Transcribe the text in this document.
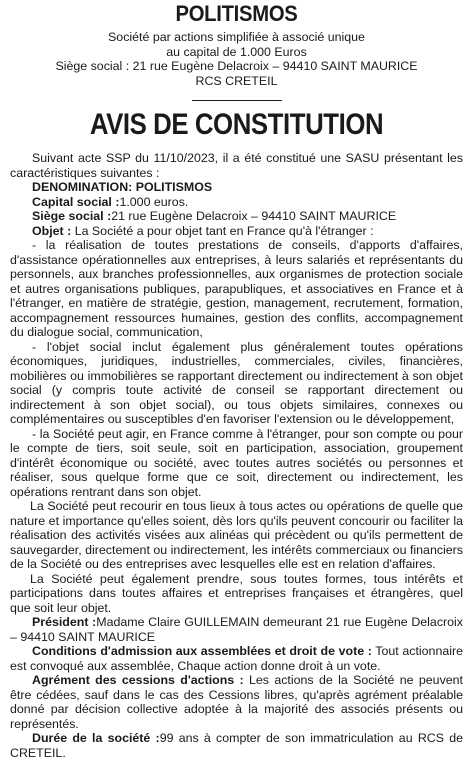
POLITISMOS

Société par actions simplifiée à associé unique

au capital de 1.000 Euros

Siège social : 21 rue Eugène Delacroix – 94410 SAINT MAURICE

RCS CRETEIL

AVIS DE CONSTITUTION

Suivant acte SSP du 11/10/2023, il a été constitué une SASU présentant les caractéristiques suivantes :

DENOMINATION: POLITISMOS

Capital social :1.000 euros.

Siège social :21 rue Eugène Delacroix – 94410 SAINT MAURICE

Objet : La Société a pour objet tant en France qu'à l'étranger :

- la réalisation de toutes prestations de conseils, d'apports d'affaires, d'assistance opérationnelles aux entreprises, à leurs salariés et représentants du personnels, aux branches professionnelles, aux organismes de protection sociale et autres organisations publiques, parapubliques, et associatives en France et à l'étranger, en matière de stratégie, gestion, management, recrutement, formation, accompagnement ressources humaines, gestion des conflits, accompagnement du dialogue social, communication,

- l'objet social inclut également plus généralement toutes opérations économiques, juridiques, industrielles, commerciales, civiles, financières, mobilières ou immobilières se rapportant directement ou indirectement à son objet social (y compris toute activité de conseil se rapportant directement ou indirectement à son objet social), ou tous objets similaires, connexes ou complémentaires ou susceptibles d'en favoriser l'extension ou le développement,

- la Société peut agir, en France comme à l'étranger, pour son compte ou pour le compte de tiers, soit seule, soit en participation, association, groupement d'intérêt économique ou société, avec toutes autres sociétés ou personnes et réaliser, sous quelque forme que ce soit, directement ou indirectement, les opérations rentrant dans son objet.

La Société peut recourir en tous lieux à tous actes ou opérations de quelle que nature et importance qu'elles soient, dès lors qu'ils peuvent concourir ou faciliter la réalisation des activités visées aux alinéas qui précèdent ou qu'ils permettent de sauvegarder, directement ou indirectement, les intérêts commerciaux ou financiers de la Société ou des entreprises avec lesquelles elle est en relation d'affaires.

La Société peut également prendre, sous toutes formes, tous intérêts et participations dans toutes affaires et entreprises françaises et étrangères, quel que soit leur objet.

Président :Madame Claire GUILLEMAIN demeurant 21 rue Eugène Delacroix – 94410 SAINT MAURICE

Conditions d'admission aux assemblées et droit de vote : Tout actionnaire est convoqué aux assemblée, Chaque action donne droit à un vote.

Agrément des cessions d'actions : Les actions de la Société ne peuvent être cédées, sauf dans le cas des Cessions libres, qu'après agrément préalable donné par décision collective adoptée à la majorité des associés présents ou représentés.

Durée de la société :99 ans à compter de son immatriculation au RCS de CRETEIL.
